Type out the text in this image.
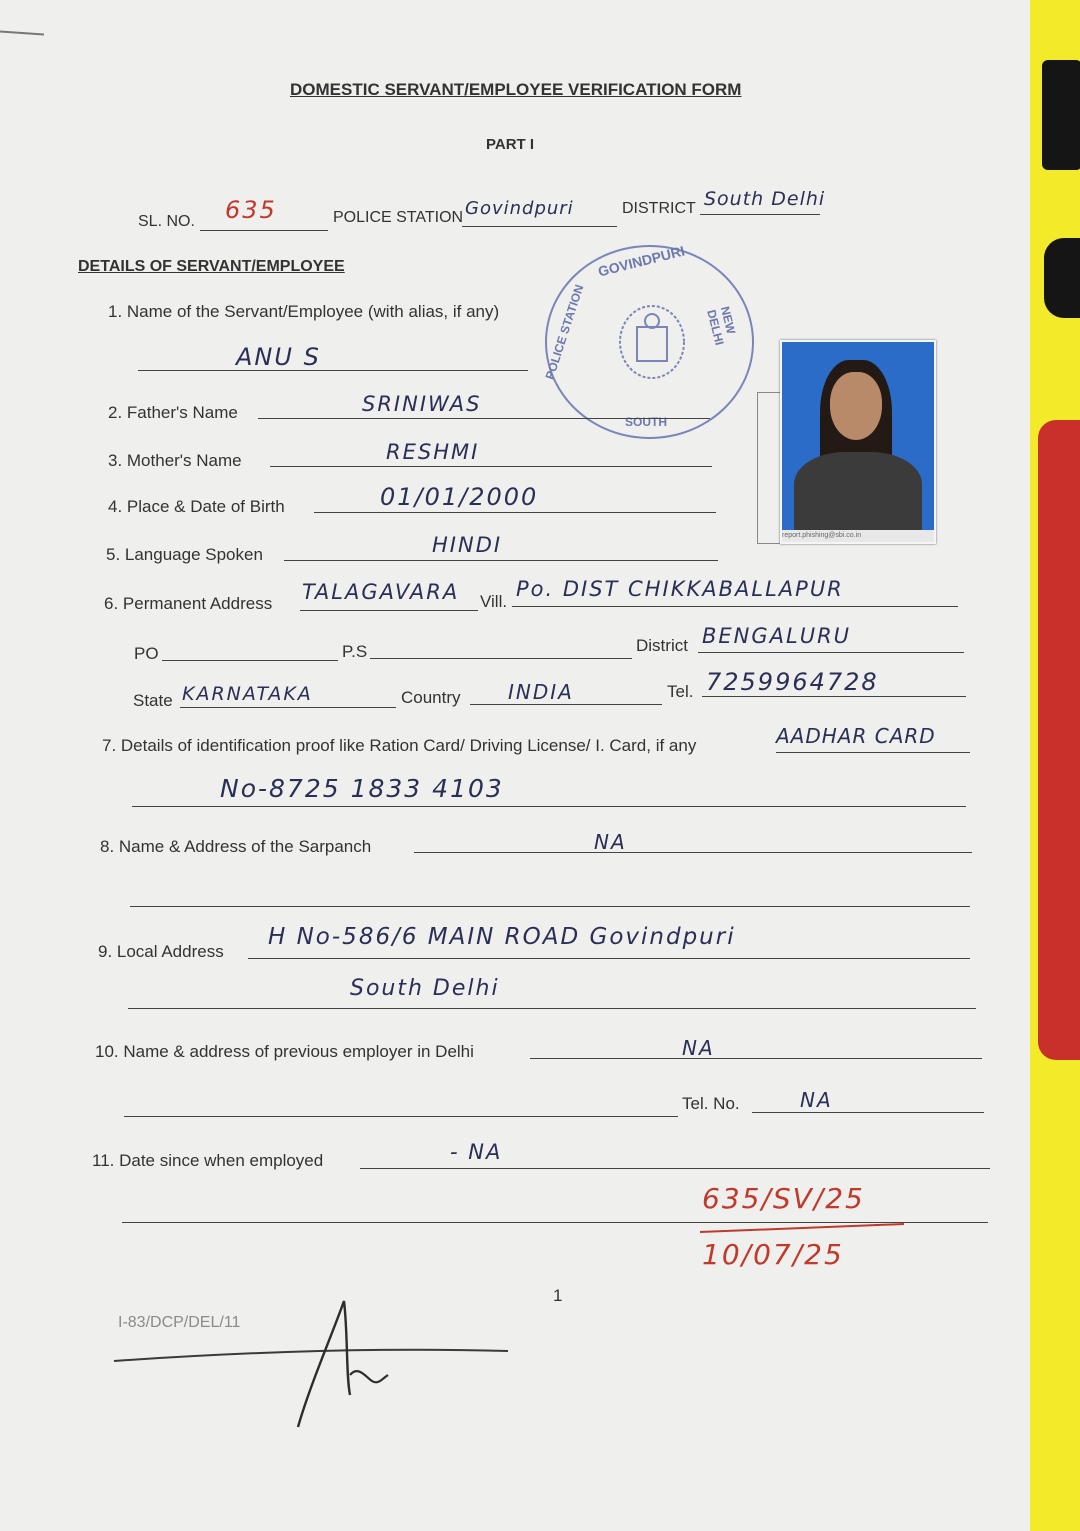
DOMESTIC SERVANT/EMPLOYEE VERIFICATION FORM
PART I
SL. NO. 635	POLICE STATION Govindpuri	DISTRICT South Delhi
DETAILS OF SERVANT/EMPLOYEE	GOVINDPURI
POLICE STATION	NEW DELHI
SOUTH
1. Name of the Servant/Employee (with alias, if any)
ANU S
report.phishing@sbi.co.in
2. Father's Name	SRINIWAS
3. Mother's Name	RESHMI
4. Place & Date of Birth	01/01/2000
5. Language Spoken	HINDI
6. Permanent Address TALAGAVARA Vill.
Po. DIST CHIKKABALLAPUR
PO	P.S	District BENGALURU
State KARNATAKA	Country INDIA	Tel. 7259964728
7. Details of identification proof like Ration Card/ Driving License/ I. Card, if any	AADHAR CARD
No-8725 1833 4103
8. Name & Address of the Sarpanch	NA
9. Local Address
H No-586/6 MAIN ROAD Govindpuri
South Delhi
10. Name & address of previous employer in Delhi	NA
Tel. No.	NA
11. Date since when employed	- NA
635/SV/25
10/07/25
1
I-83/DCP/DEL/11
